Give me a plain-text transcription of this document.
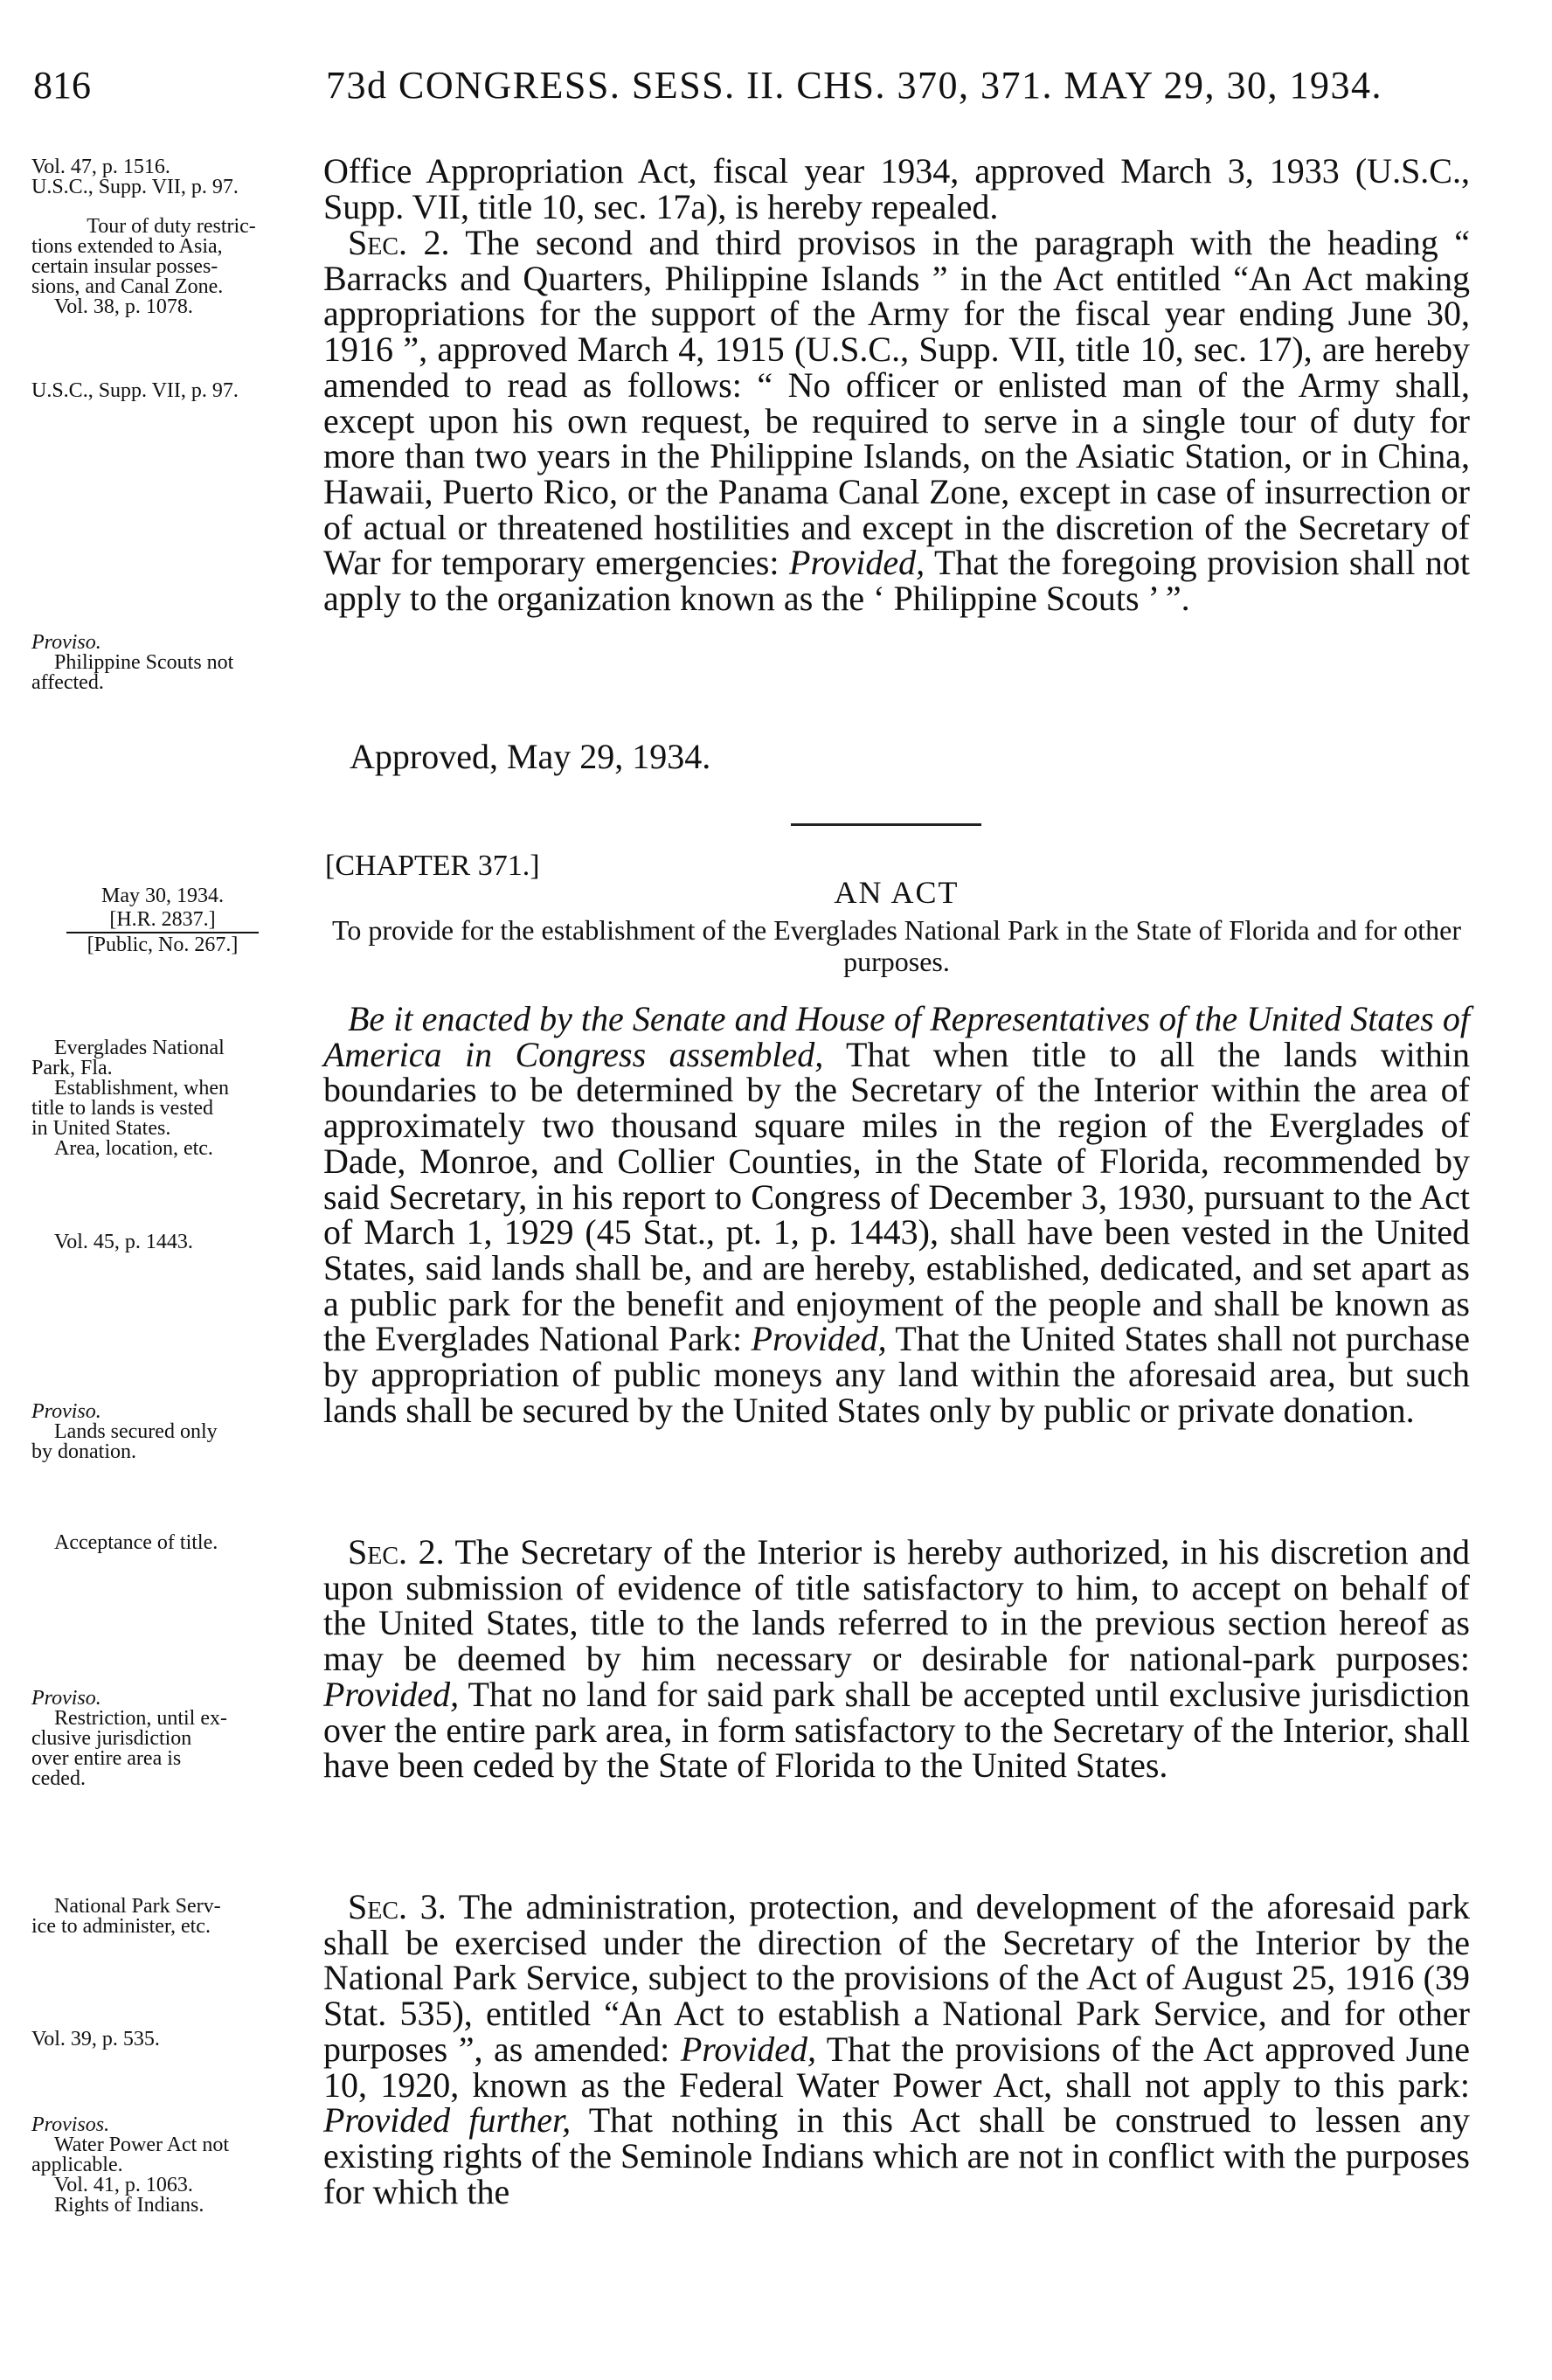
816	73d CONGRESS. SESS. II. CHS. 370, 371. MAY 29, 30, 1934.
Vol. 47, p. 1516.
U.S.C., Supp. VII, p. 97.
Tour of duty restric-
tions extended to Asia,
certain insular posses-
sions, and Canal Zone.
Vol. 38, p. 1078.
U.S.C., Supp. VII, p. 97.
Proviso.
Philippine Scouts not
affected.
May 30, 1934.
[H.R. 2837.]
[Public, No. 267.]
Everglades National
Park, Fla.
Establishment, when
title to lands is vested
in United States.
Area, location, etc.
Vol. 45, p. 1443.
Proviso.
Lands secured only
by donation.
Acceptance of title.
Proviso.
Restriction, until ex-
clusive jurisdiction
over entire area is
ceded.
National Park Serv-
ice to administer, etc.
Vol. 39, p. 535.
Provisos.
Water Power Act not
applicable.
Vol. 41, p. 1063.
Rights of Indians.
Office Appropriation Act, fiscal year 1934, approved March 3, 1933 (U.S.C., Supp. VII, title 10, sec. 17a), is hereby repealed.
Sec. 2. The second and third provisos in the paragraph with the heading “ Barracks and Quarters, Philippine Islands ” in the Act entitled “An Act making appropriations for the support of the Army for the fiscal year ending June 30, 1916 ”, approved March 4, 1915 (U.S.C., Supp. VII, title 10, sec. 17), are hereby amended to read as follows: “ No officer or enlisted man of the Army shall, except upon his own request, be required to serve in a single tour of duty for more than two years in the Philippine Islands, on the Asiatic Station, or in China, Hawaii, Puerto Rico, or the Panama Canal Zone, except in case of insurrection or of actual or threatened hostilities and except in the discretion of the Secretary of War for temporary emergencies: Provided, That the foregoing provision shall not apply to the organization known as the ‘ Philippine Scouts ’ ”.
Approved, May 29, 1934.
[CHAPTER 371.]
AN ACT
To provide for the establishment of the Everglades National Park in the State of Florida and for other purposes.
Be it enacted by the Senate and House of Representatives of the United States of America in Congress assembled, That when title to all the lands within boundaries to be determined by the Secretary of the Interior within the area of approximately two thousand square miles in the region of the Everglades of Dade, Monroe, and Collier Counties, in the State of Florida, recommended by said Secretary, in his report to Congress of December 3, 1930, pursuant to the Act of March 1, 1929 (45 Stat., pt. 1, p. 1443), shall have been vested in the United States, said lands shall be, and are hereby, established, dedicated, and set apart as a public park for the benefit and enjoyment of the people and shall be known as the Everglades National Park: Provided, That the United States shall not purchase by appropriation of public moneys any land within the aforesaid area, but such lands shall be secured by the United States only by public or private donation.
Sec. 2. The Secretary of the Interior is hereby authorized, in his discretion and upon submission of evidence of title satisfactory to him, to accept on behalf of the United States, title to the lands referred to in the previous section hereof as may be deemed by him necessary or desirable for national-park purposes: Provided, That no land for said park shall be accepted until exclusive jurisdiction over the entire park area, in form satisfactory to the Secretary of the Interior, shall have been ceded by the State of Florida to the United States.
Sec. 3. The administration, protection, and development of the aforesaid park shall be exercised under the direction of the Secretary of the Interior by the National Park Service, subject to the provisions of the Act of August 25, 1916 (39 Stat. 535), entitled “An Act to establish a National Park Service, and for other purposes ”, as amended: Provided, That the provisions of the Act approved June 10, 1920, known as the Federal Water Power Act, shall not apply to this park: Provided further, That nothing in this Act shall be construed to lessen any existing rights of the Seminole Indians which are not in conflict with the purposes for which the
